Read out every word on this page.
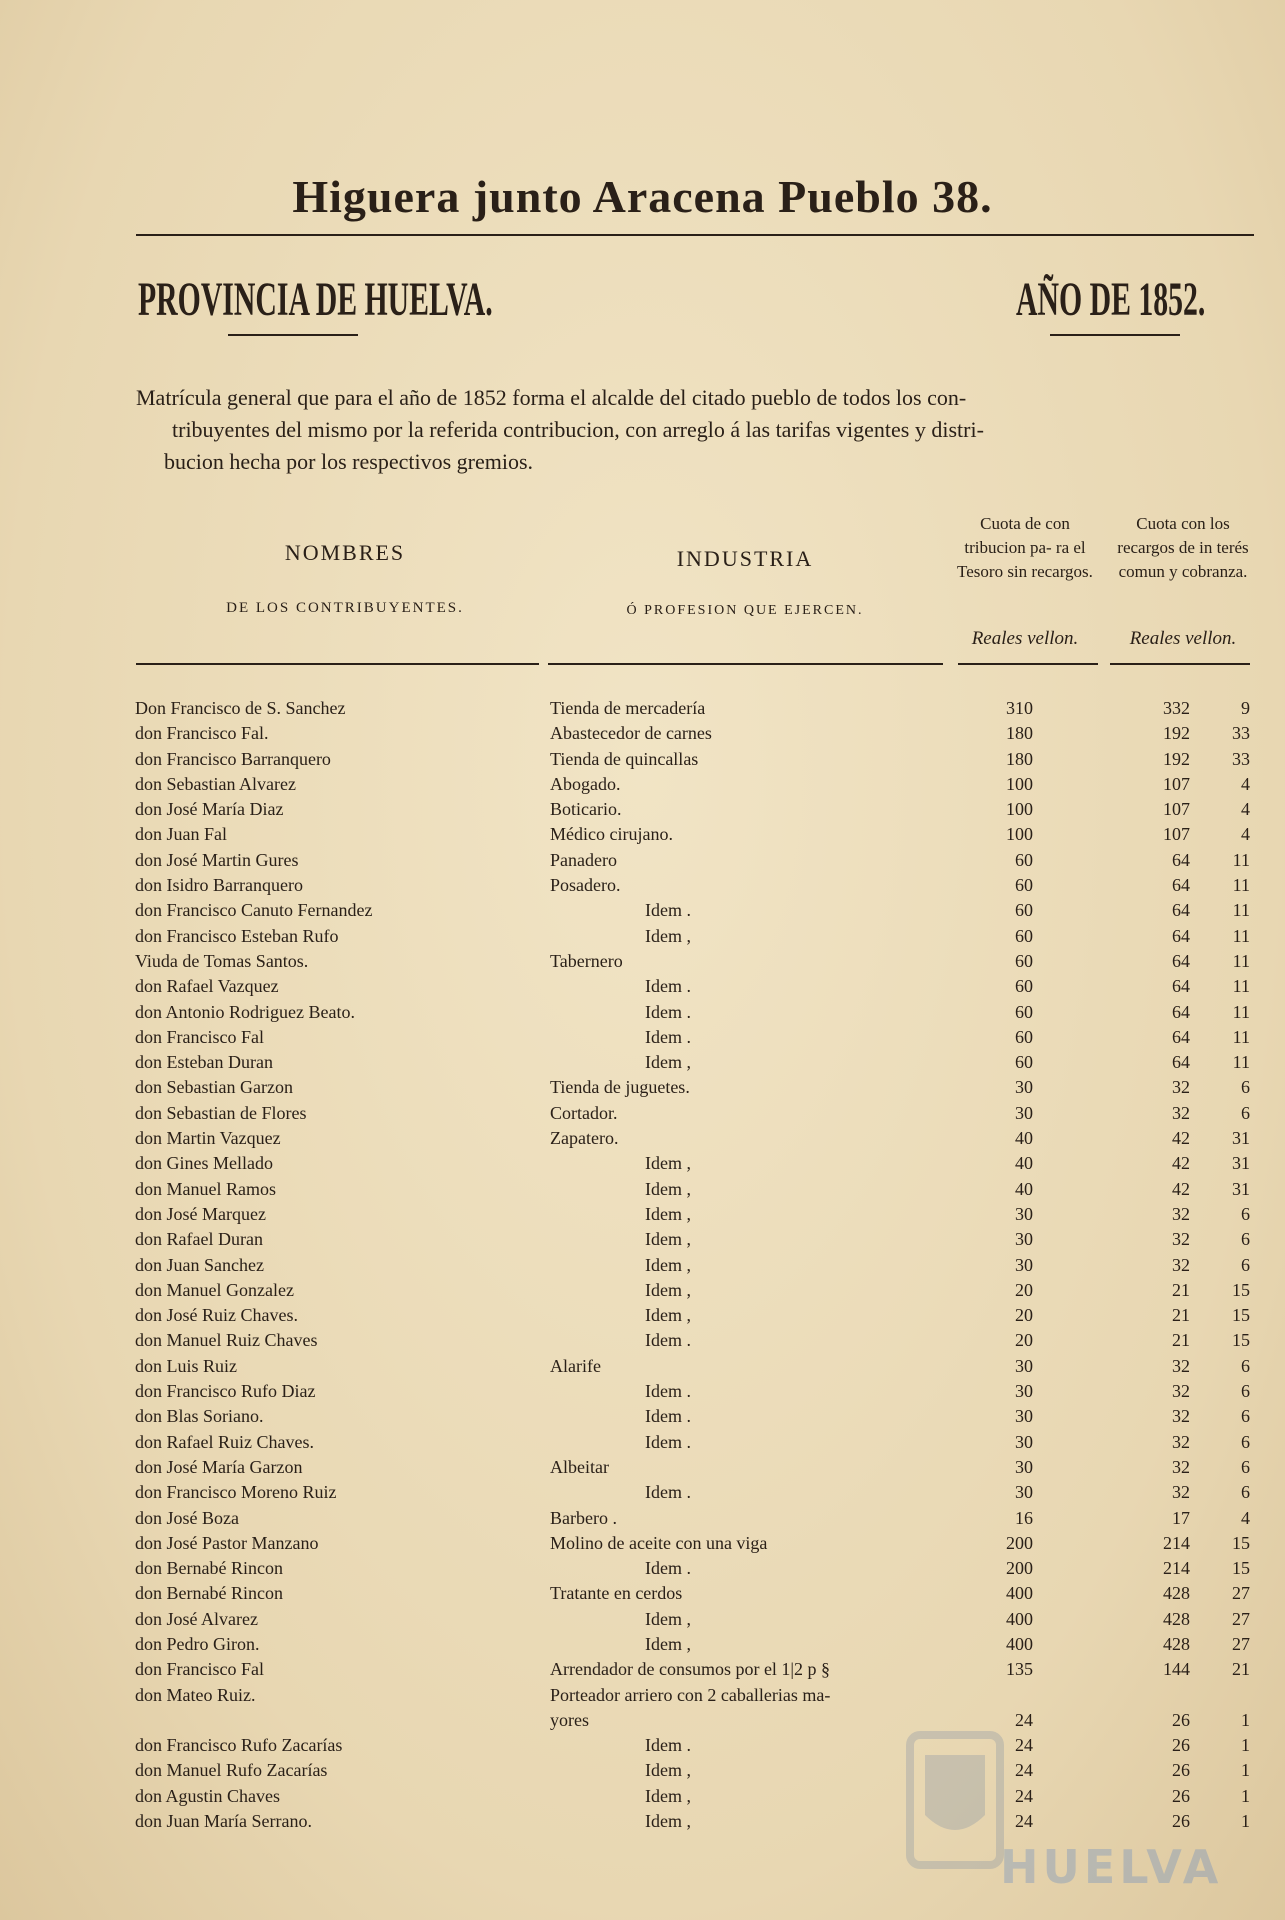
Higuera junto Aracena Pueblo 38.
PROVINCIA DE HUELVA.	AÑO DE 1852.
Matrícula general que para el año de 1852 forma el alcalde del citado pueblo de todos los con-
tribuyentes del mismo por la referida contribucion, con arreglo á las tarifas vigentes y distri-
bucion hecha por los respectivos gremios.
NOMBRES
DE LOS CONTRIBUYENTES.
INDUSTRIA
Ó PROFESION QUE EJERCEN.
Cuota de con tribucion pa- ra el Tesoro sin recargos.
Cuota con los recargos de in terés comun y cobranza.
Reales vellon.	Reales vellon.
Don Francisco de S. Sanchez	Tienda de mercadería	310	332	9
don Francisco Fal.	Abastecedor de carnes	180	192	33
don Francisco Barranquero	Tienda de quincallas	180	192	33
don Sebastian Alvarez	Abogado.	100	107	4
don José María Diaz	Boticario.	100	107	4
don Juan Fal	Médico cirujano.	100	107	4
don José Martin Gures	Panadero	60	64	11
don Isidro Barranquero	Posadero.	60	64	11
don Francisco Canuto Fernandez	Idem .	60	64	11
don Francisco Esteban Rufo	Idem ,	60	64	11
Viuda de Tomas Santos.	Tabernero	60	64	11
don Rafael Vazquez	Idem .	60	64	11
don Antonio Rodriguez Beato.	Idem .	60	64	11
don Francisco Fal	Idem .	60	64	11
don Esteban Duran	Idem ,	60	64	11
don Sebastian Garzon	Tienda de juguetes.	30	32	6
don Sebastian de Flores	Cortador.	30	32	6
don Martin Vazquez	Zapatero.	40	42	31
don Gines Mellado	Idem ,	40	42	31
don Manuel Ramos	Idem ,	40	42	31
don José Marquez	Idem ,	30	32	6
don Rafael Duran	Idem ,	30	32	6
don Juan Sanchez	Idem ,	30	32	6
don Manuel Gonzalez	Idem ,	20	21	15
don José Ruiz Chaves.	Idem ,	20	21	15
don Manuel Ruiz Chaves	Idem .	20	21	15
don Luis Ruiz	Alarife	30	32	6
don Francisco Rufo Diaz	Idem .	30	32	6
don Blas Soriano.	Idem .	30	32	6
don Rafael Ruiz Chaves.	Idem .	30	32	6
don José María Garzon	Albeitar	30	32	6
don Francisco Moreno Ruiz	Idem .	30	32	6
don José Boza	Barbero .	16	17	4
don José Pastor Manzano	Molino de aceite con una viga	200	214	15
don Bernabé Rincon	Idem .	200	214	15
don Bernabé Rincon	Tratante en cerdos	400	428	27
don José Alvarez	Idem ,	400	428	27
don Pedro Giron.	Idem ,	400	428	27
don Francisco Fal	Arrendador de consumos por el 1|2 p §	135	144	21
don Mateo Ruiz.	Porteador arriero con 2 caballerias ma-
yores	24	26	1
don Francisco Rufo Zacarías	Idem .	24	26	1
don Manuel Rufo Zacarías	Idem ,	24	26	1
don Agustin Chaves	Idem ,	24	26	1
don Juan María Serrano.	Idem ,	24	26	1
HUELVA
